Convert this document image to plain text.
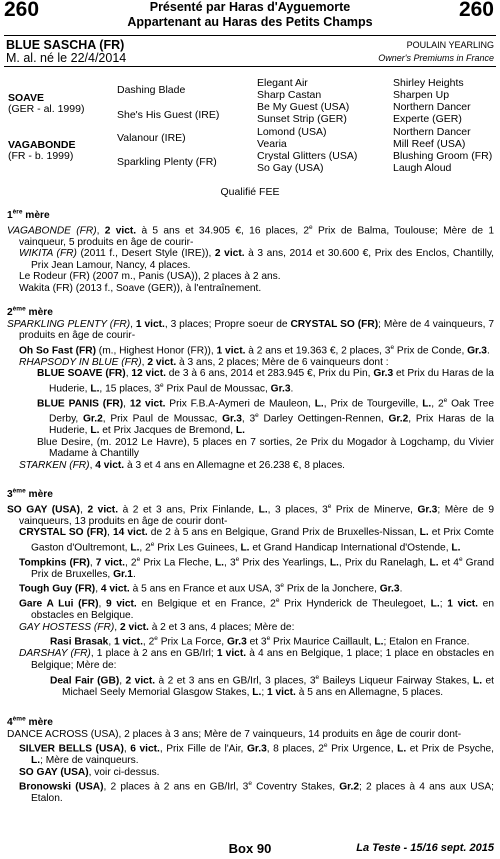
260	260
Présenté par Haras d'Ayguemorte
Appartenant au Haras des Petits Champs
BLUE SASCHA (FR)
M. al. né le 22/4/2014
POULAIN YEARLING
Owner's Premiums in France
SOAVE
(GER - al. 1999)
VAGABONDE
(FR - b. 1999)
Dashing Blade
She's His Guest (IRE)
Valanour (IRE)
Sparkling Plenty (FR)
Elegant Air
Sharp Castan
Be My Guest (USA)
Sunset Strip (GER)
Lomond (USA)
Vearia
Crystal Glitters (USA)
So Gay (USA)
Shirley Heights
Sharpen Up
Northern Dancer
Experte (GER)
Northern Dancer
Mill Reef (USA)
Blushing Groom (FR)
Laugh Aloud
Qualifié FEE
1ère mère

VAGABONDE (FR), 2 vict. à 5 ans et 34.905 €, 16 places, 2e Prix de Balma, Toulouse; Mère de 1 vainqueur, 5 produits en âge de courir-

WIKITA (FR) (2011 f., Desert Style (IRE)), 2 vict. à 3 ans, 2014 et 30.600 €, Prix des Enclos, Chantilly, Prix Jean Lamour, Nancy, 4 places.

Le Rodeur (FR) (2007 m., Panis (USA)), 2 places à 2 ans.

Wakita (FR) (2013 f., Soave (GER)), à l'entraînement.

2ème mère

SPARKLING PLENTY (FR), 1 vict., 3 places; Propre soeur de CRYSTAL SO (FR); Mère de 4 vainqueurs, 7 produits en âge de courir-

Oh So Fast (FR) (m., Highest Honor (FR)), 1 vict. à 2 ans et 19.363 €, 2 places, 3e Prix de Conde, Gr.3.

RHAPSODY IN BLUE (FR), 2 vict. à 3 ans, 2 places; Mère de 6 vainqueurs dont :

BLUE SOAVE (FR), 12 vict. de 3 à 6 ans, 2014 et 283.945 €, Prix du Pin, Gr.3 et Prix du Haras de la Huderie, L., 15 places, 3e Prix Paul de Moussac, Gr.3.

BLUE PANIS (FR), 12 vict. Prix F.B.A-Aymeri de Mauleon, L., Prix de Tourgeville, L., 2e Oak Tree Derby, Gr.2, Prix Paul de Moussac, Gr.3, 3e Darley Oettingen-Rennen, Gr.2, Prix Haras de la Huderie, L. et Prix Jacques de Bremond, L.

Blue Desire, (m. 2012 Le Havre), 5 places en 7 sorties, 2e Prix du Mogador à Logchamp, du Vivier Madame à Chantilly

STARKEN (FR), 4 vict. à 3 et 4 ans en Allemagne et 26.238 €, 8 places.

3ème mère

SO GAY (USA), 2 vict. à 2 et 3 ans, Prix Finlande, L., 3 places, 3e Prix de Minerve, Gr.3; Mère de 9 vainqueurs, 13 produits en âge de courir dont-

CRYSTAL SO (FR), 14 vict. de 2 à 5 ans en Belgique, Grand Prix de Bruxelles-Nissan, L. et Prix Comte Gaston d'Oultremont, L., 2e Prix Les Guinees, L. et Grand Handicap International d'Ostende, L.

Tompkins (FR), 7 vict., 2e Prix La Fleche, L., 3e Prix des Yearlings, L., Prix du Ranelagh, L. et 4e Grand Prix de Bruxelles, Gr.1.

Tough Guy (FR), 4 vict. à 5 ans en France et aux USA, 3e Prix de la Jonchere, Gr.3.

Gare A Lui (FR), 9 vict. en Belgique et en France, 2e Prix Hynderick de Theulegoet, L.; 1 vict. en obstacles en Belgique.

GAY HOSTESS (FR), 2 vict. à 2 et 3 ans, 4 places; Mère de:

Rasi Brasak, 1 vict., 2e Prix La Force, Gr.3 et 3e Prix Maurice Caillault, L.; Etalon en France.

DARSHAY (FR), 1 place à 2 ans en GB/Irl; 1 vict. à 4 ans en Belgique, 1 place; 1 place en obstacles en Belgique; Mère de:

Deal Fair (GB), 2 vict. à 2 et 3 ans en GB/Irl, 3 places, 3e Baileys Liqueur Fairway Stakes, L. et Michael Seely Memorial Glasgow Stakes, L.; 1 vict. à 5 ans en Allemagne, 5 places.

4ème mère

DANCE ACROSS (USA), 2 places à 3 ans; Mère de 7 vainqueurs, 14 produits en âge de courir dont-

SILVER BELLS (USA), 6 vict., Prix Fille de l'Air, Gr.3, 8 places, 2e Prix Urgence, L. et Prix de Psyche, L.; Mère de vainqueurs.

SO GAY (USA), voir ci-dessus.

Bronowski (USA), 2 places à 2 ans en GB/Irl, 3e Coventry Stakes, Gr.2; 2 places à 4 ans aux USA; Etalon.

Box 90	La Teste - 15/16 sept. 2015
